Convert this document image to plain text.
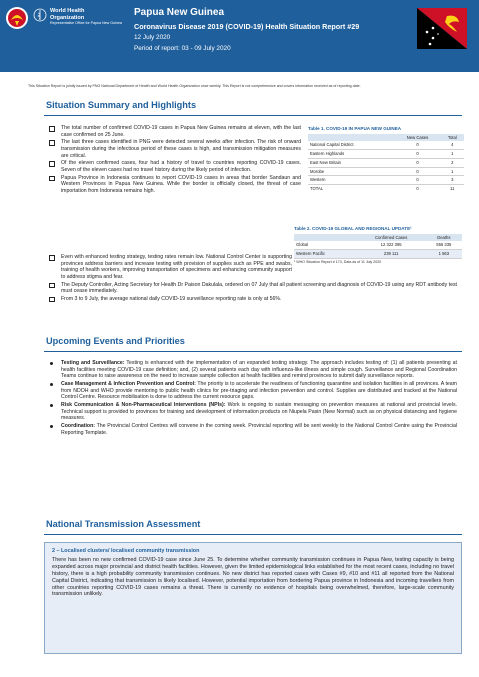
World Health
Organization
Representative Office for Papua New Guinea
Papua New Guinea
Coronavirus Disease 2019 (COVID-19) Health Situation Report #29
12 July 2020
Period of report: 03 - 09 July 2020
This Situation Report is jointly issued by PNG National Department of Health and World Health Organization once weekly. This Report is not comprehensive and covers information received as of reporting date.
Situation Summary and Highlights
The total number of confirmed COVID-19 cases in Papua New Guinea remains at eleven, with the last case confirmed on 25 June.
The last three cases identified in PNG were detected several weeks after infection. The risk of onward transmission during the infectious period of these cases is high, and transmission mitigation measures are critical.
Of the eleven confirmed cases, four had a history of travel to countries reporting COVID-19 cases. Seven of the eleven cases had no travel history during the likely period of infection.
Papua Province in Indonesia continues to report COVID-19 cases in areas that border Sandaun and Western Provinces in Papua New Guinea. While the border is officially closed, the threat of case importation from Indonesia remains high.
Even with enhanced testing strategy, testing rates remain low. National Control Center is supporting provinces address barriers and increase testing with provision of supplies such as PPE and swabs, training of health workers, improving transportation of specimens and enhancing community support to address stigma and fear.
The Deputy Controller, Acting Secretary for Health Dr Paison Dakulala, ordered on 07 July that all patient screening and diagnosis of COVID-19 using any RDT antibody test must cease immediately.
From 3 to 9 July, the average national daily COVID-19 surveillance reporting rate is only at 56%.
Table 1. COVID-19 IN PAPUA NEW GUINEA
	New Cases	Total
National Capital District	0	4
Eastern Highlands	0	1
East New Britain	0	2
Morobe	0	1
Western	0	3
TOTAL	0	11
Table 2. COVID-19 GLOBAL AND REGIONAL UPDATE¹
	Confirmed Cases	Deaths
Global	12 322 395	556 335
Western Pacific	239 111	1 563
¹ WHO Situation Report # 173, Data as of 11 July 2020
Upcoming Events and Priorities
Testing and Surveillance: Testing is enhanced with the implementation of an expanded testing strategy. The approach includes testing of: (1) all patients presenting at health facilities meeting COVID-19 case definition; and, (2) several patients each day with influenza-like illness and simple cough. Surveillance and Regional Coordination Teams continue to raise awareness on the need to increase sample collection at health facilities and remind provinces to submit daily surveillance reports.
Case Management & Infection Prevention and Control: The priority is to accelerate the readiness of functioning quarantine and isolation facilities in all provinces. A team from NDOH and WHO provide mentoring to public health clinics for pre-triaging and infection prevention and control. Supplies are distributed and tracked at the National Control Centre. Resource mobilisation is done to address the current resource gaps.
Risk Communication & Non-Pharmaceutical Interventions (NPIs): Work is ongoing to sustain messaging on prevention measures at national and provincial levels. Technical support is provided to provinces for training and development of information products on Niupela Pasin (New Normal) such as on physical distancing and hygiene measures.
Coordination: The Provincial Control Centres will convene in the coming week. Provincial reporting will be sent weekly to the National Control Centre using the Provincial Reporting Template.
National Transmission Assessment
2 – Localised clusters/ localised community transmission
There has been no new confirmed COVID-19 case since June 25. To determine whether community transmission continues in Papua New, testing capacity is being expanded across major provincial and district health facilities. However, given the limited epidemiological links established for the most recent cases, including no travel history, there is a high probability community transmission continues. No new district has reported cases with Cases #9, #10 and #11 all reported from the National Capital District, indicating that transmission is likely localised. However, potential importation from bordering Papua province in Indonesia and incoming travellers from other countries reporting COVID-19 cases remains a threat. There is currently no evidence of hospitals being overwhelmed, therefore, large-scale community transmission unlikely.
